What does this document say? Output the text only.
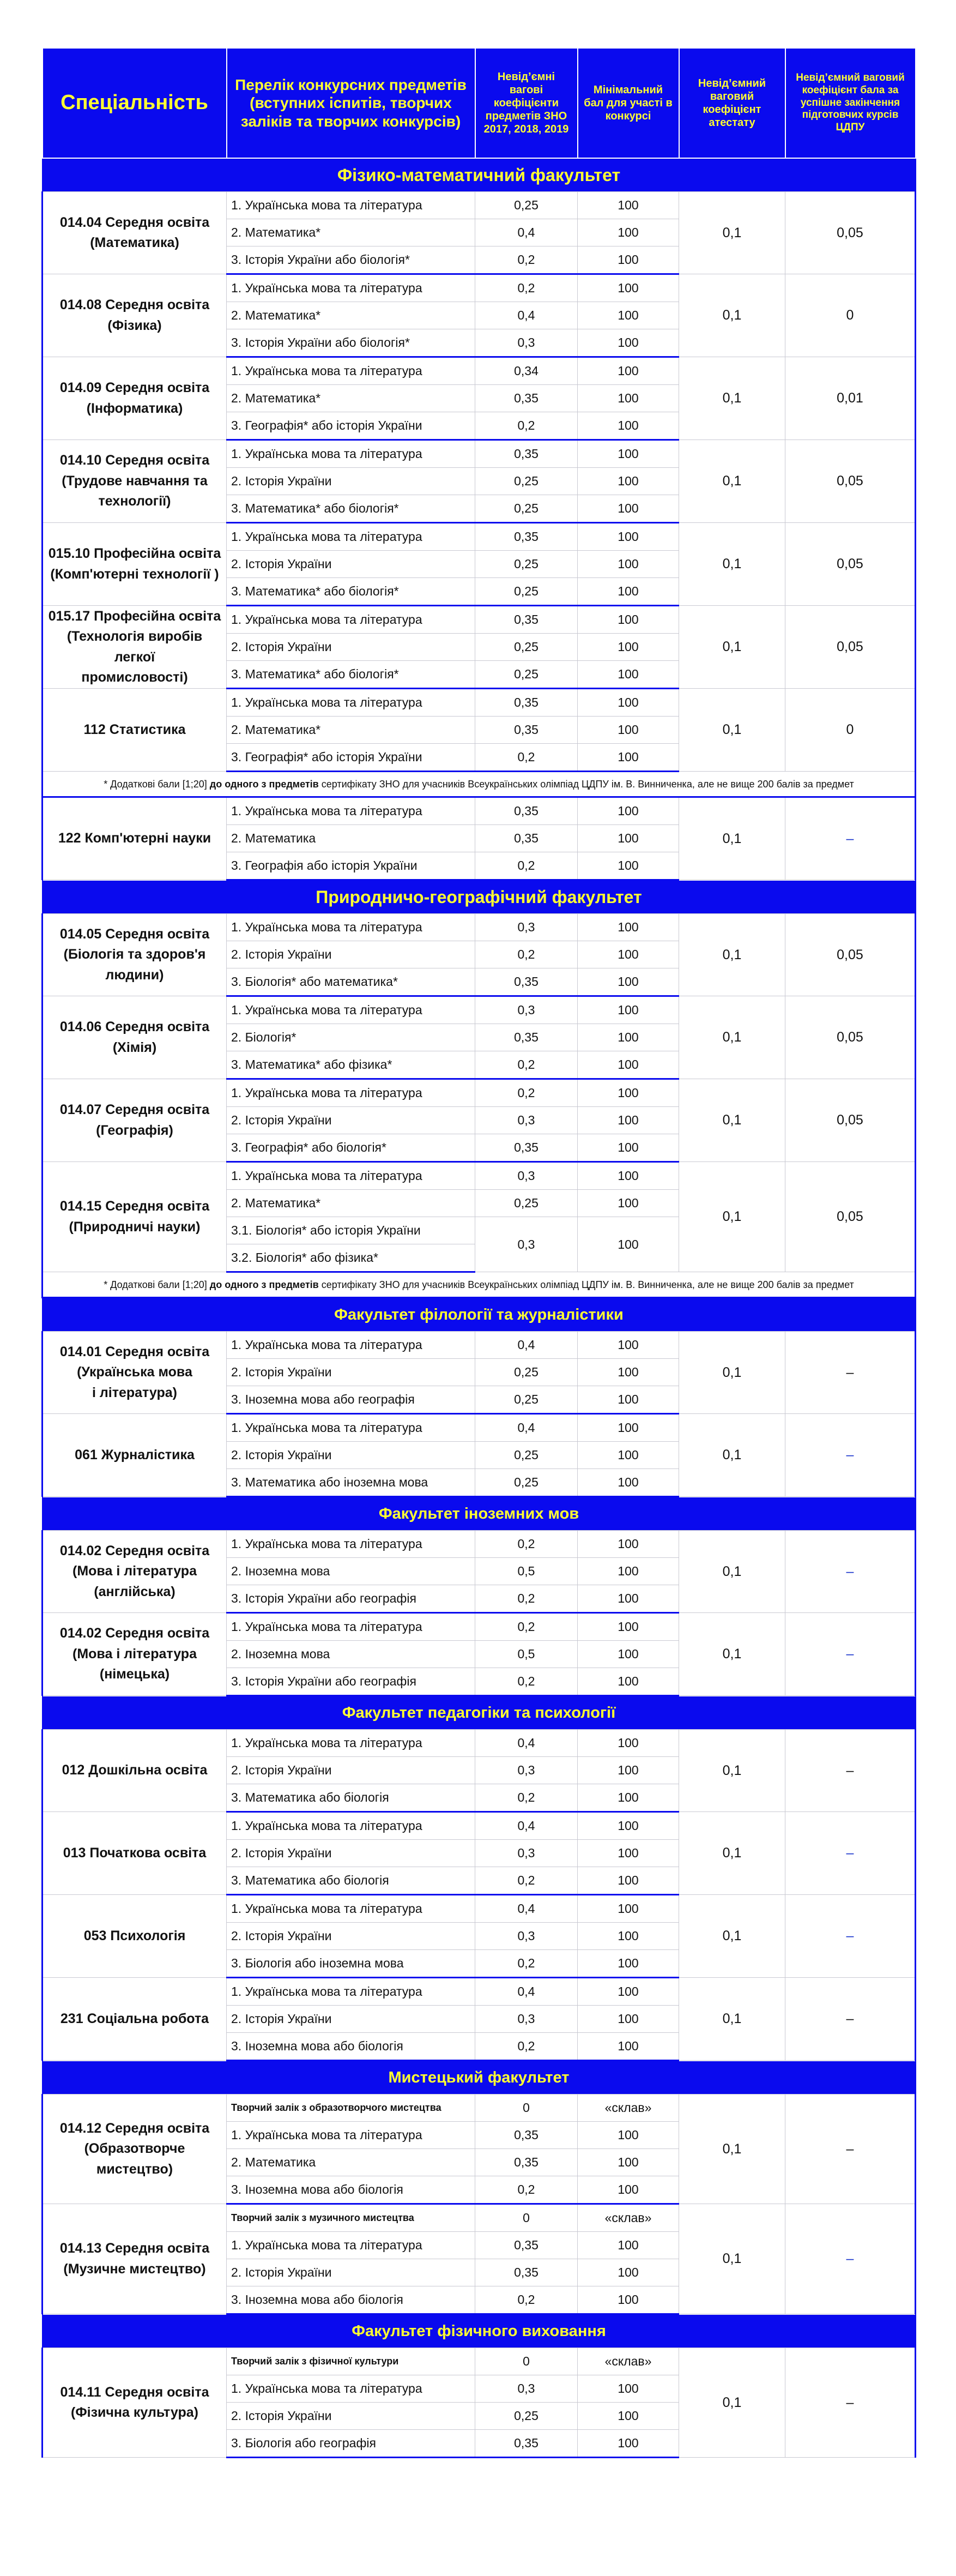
Спеціальність	Перелік конкурсних предметів (вступних іспитів, творчих заліків та творчих конкурсів)	Невід’ємні вагові коефіцієнти предметів ЗНО 2017, 2018, 2019	Мінімальний бал для участі в конкурсі	Невід’ємний ваговий коефіцієнт атестату	Невід’ємний ваговий коефіцієнт бала за успішне закінчення підготовчих курсів ЦДПУ
Фізико-математичний факультет					
014.04 Середня освіта
(Математика)	1. Українська мова та література	0,25	100	0,1	0,05
	2. Математика*	0,4	100		
	3. Історія України або біологія*	0,2	100		
014.08 Середня освіта
(Фізика)	1. Українська мова та література	0,2	100	0,1	0
	2. Математика*	0,4	100		
	3. Історія України або біологія*	0,3	100		
014.09 Середня освіта
(Інформатика)	1. Українська мова та література	0,34	100	0,1	0,01
	2. Математика*	0,35	100		
	3. Географія* або історія України	0,2	100		
014.10 Середня освіта
(Трудове навчання та
технології)	1. Українська мова та література	0,35	100	0,1	0,05
	2. Історія України	0,25	100		
	3. Математика* або біологія*	0,25	100		
015.10 Професійна освіта
(Комп'ютерні технології )	1. Українська мова та література	0,35	100	0,1	0,05
	2. Історія України	0,25	100		
	3. Математика* або біологія*	0,25	100		
015.17 Професійна освіта
(Технологія виробів легкої
промисловості)	1. Українська мова та література	0,35	100	0,1	0,05
	2. Історія України	0,25	100		
	3. Математика* або біологія*	0,25	100		
112 Статистика	1. Українська мова та література	0,35	100	0,1	0
	2. Математика*	0,35	100		
	3. Географія* або історія України	0,2	100		
* Додаткові бали [1;20] до одного з предметів сертифікату ЗНО для учасників Всеукраїнських олімпіад ЦДПУ ім. В. Винниченка, але не вище 200 балів за предмет					
122 Комп'ютерні науки	1. Українська мова та література	0,35	100	0,1	–
	2. Математика	0,35	100		
	3. Географія або історія України	0,2	100		
Природничо-географічний факультет					
014.05 Середня освіта
(Біологія та здоров'я
людини)	1. Українська мова та література	0,3	100	0,1	0,05
	2. Історія України	0,2	100		
	3. Біологія* або математика*	0,35	100		
014.06 Середня освіта
(Хімія)	1. Українська мова та література	0,3	100	0,1	0,05
	2. Біологія*	0,35	100		
	3. Математика* або фізика*	0,2	100		
014.07 Середня освіта
(Географія)	1. Українська мова та література	0,2	100	0,1	0,05
	2. Історія України	0,3	100		
	3. Географія* або біологія*	0,35	100		
014.15 Середня освіта
(Природничі науки)	1. Українська мова та література	0,3	100	0,1	0,05
	2. Математика*	0,25	100		
	3.1. Біологія* або історія України	0,3	100		
	3.2. Біологія* або фізика*				
* Додаткові бали [1;20] до одного з предметів сертифікату ЗНО для учасників Всеукраїнських олімпіад ЦДПУ ім. В. Винниченка, але не вище 200 балів за предмет					
Факультет філології та журналістики					
014.01 Середня освіта
(Українська мова
і література)	1. Українська мова та література	0,4	100	0,1	–
	2. Історія України	0,25	100		
	3. Іноземна мова або географія	0,25	100		
061 Журналістика	1. Українська мова та література	0,4	100	0,1	–
	2. Історія України	0,25	100		
	3. Математика або іноземна мова	0,25	100		
Факультет іноземних мов					
014.02 Середня освіта
(Мова і література
(англійська)	1. Українська мова та література	0,2	100	0,1	–
	2. Іноземна мова	0,5	100		
	3. Історія України або географія	0,2	100		
014.02 Середня освіта
(Мова і література
(німецька)	1. Українська мова та література	0,2	100	0,1	–
	2. Іноземна мова	0,5	100		
	3. Історія України або географія	0,2	100		
Факультет педагогіки та психології					
012 Дошкільна освіта	1. Українська мова та література	0,4	100	0,1	–
	2. Історія України	0,3	100		
	3. Математика або біологія	0,2	100		
013 Початкова освіта	1. Українська мова та література	0,4	100	0,1	–
	2. Історія України	0,3	100		
	3. Математика або біологія	0,2	100		
053 Психологія	1. Українська мова та література	0,4	100	0,1	–
	2. Історія України	0,3	100		
	3. Біологія або іноземна мова	0,2	100		
231 Соціальна робота	1. Українська мова та література	0,4	100	0,1	–
	2. Історія України	0,3	100		
	3. Іноземна мова або біологія	0,2	100		
Мистецький факультет					
014.12 Середня освіта
(Образотворче
мистецтво)	Творчий залік з образотворчого мистецтва	0	«склав»	0,1	–
	1. Українська мова та література	0,35	100		
	2. Математика	0,35	100		
	3. Іноземна мова або біологія	0,2	100		
014.13 Середня освіта
(Музичне мистецтво)	Творчий залік з музичного мистецтва	0	«склав»	0,1	–
	1. Українська мова та література	0,35	100		
	2. Історія України	0,35	100		
	3. Іноземна мова або біологія	0,2	100		
Факультет фізичного виховання					
014.11 Середня освіта
(Фізична культура)	Творчий залік з фізичної культури	0	«склав»	0,1	–
	1. Українська мова та література	0,3	100		
	2. Історія України	0,25	100		
	3. Біологія або географія	0,35	100		
